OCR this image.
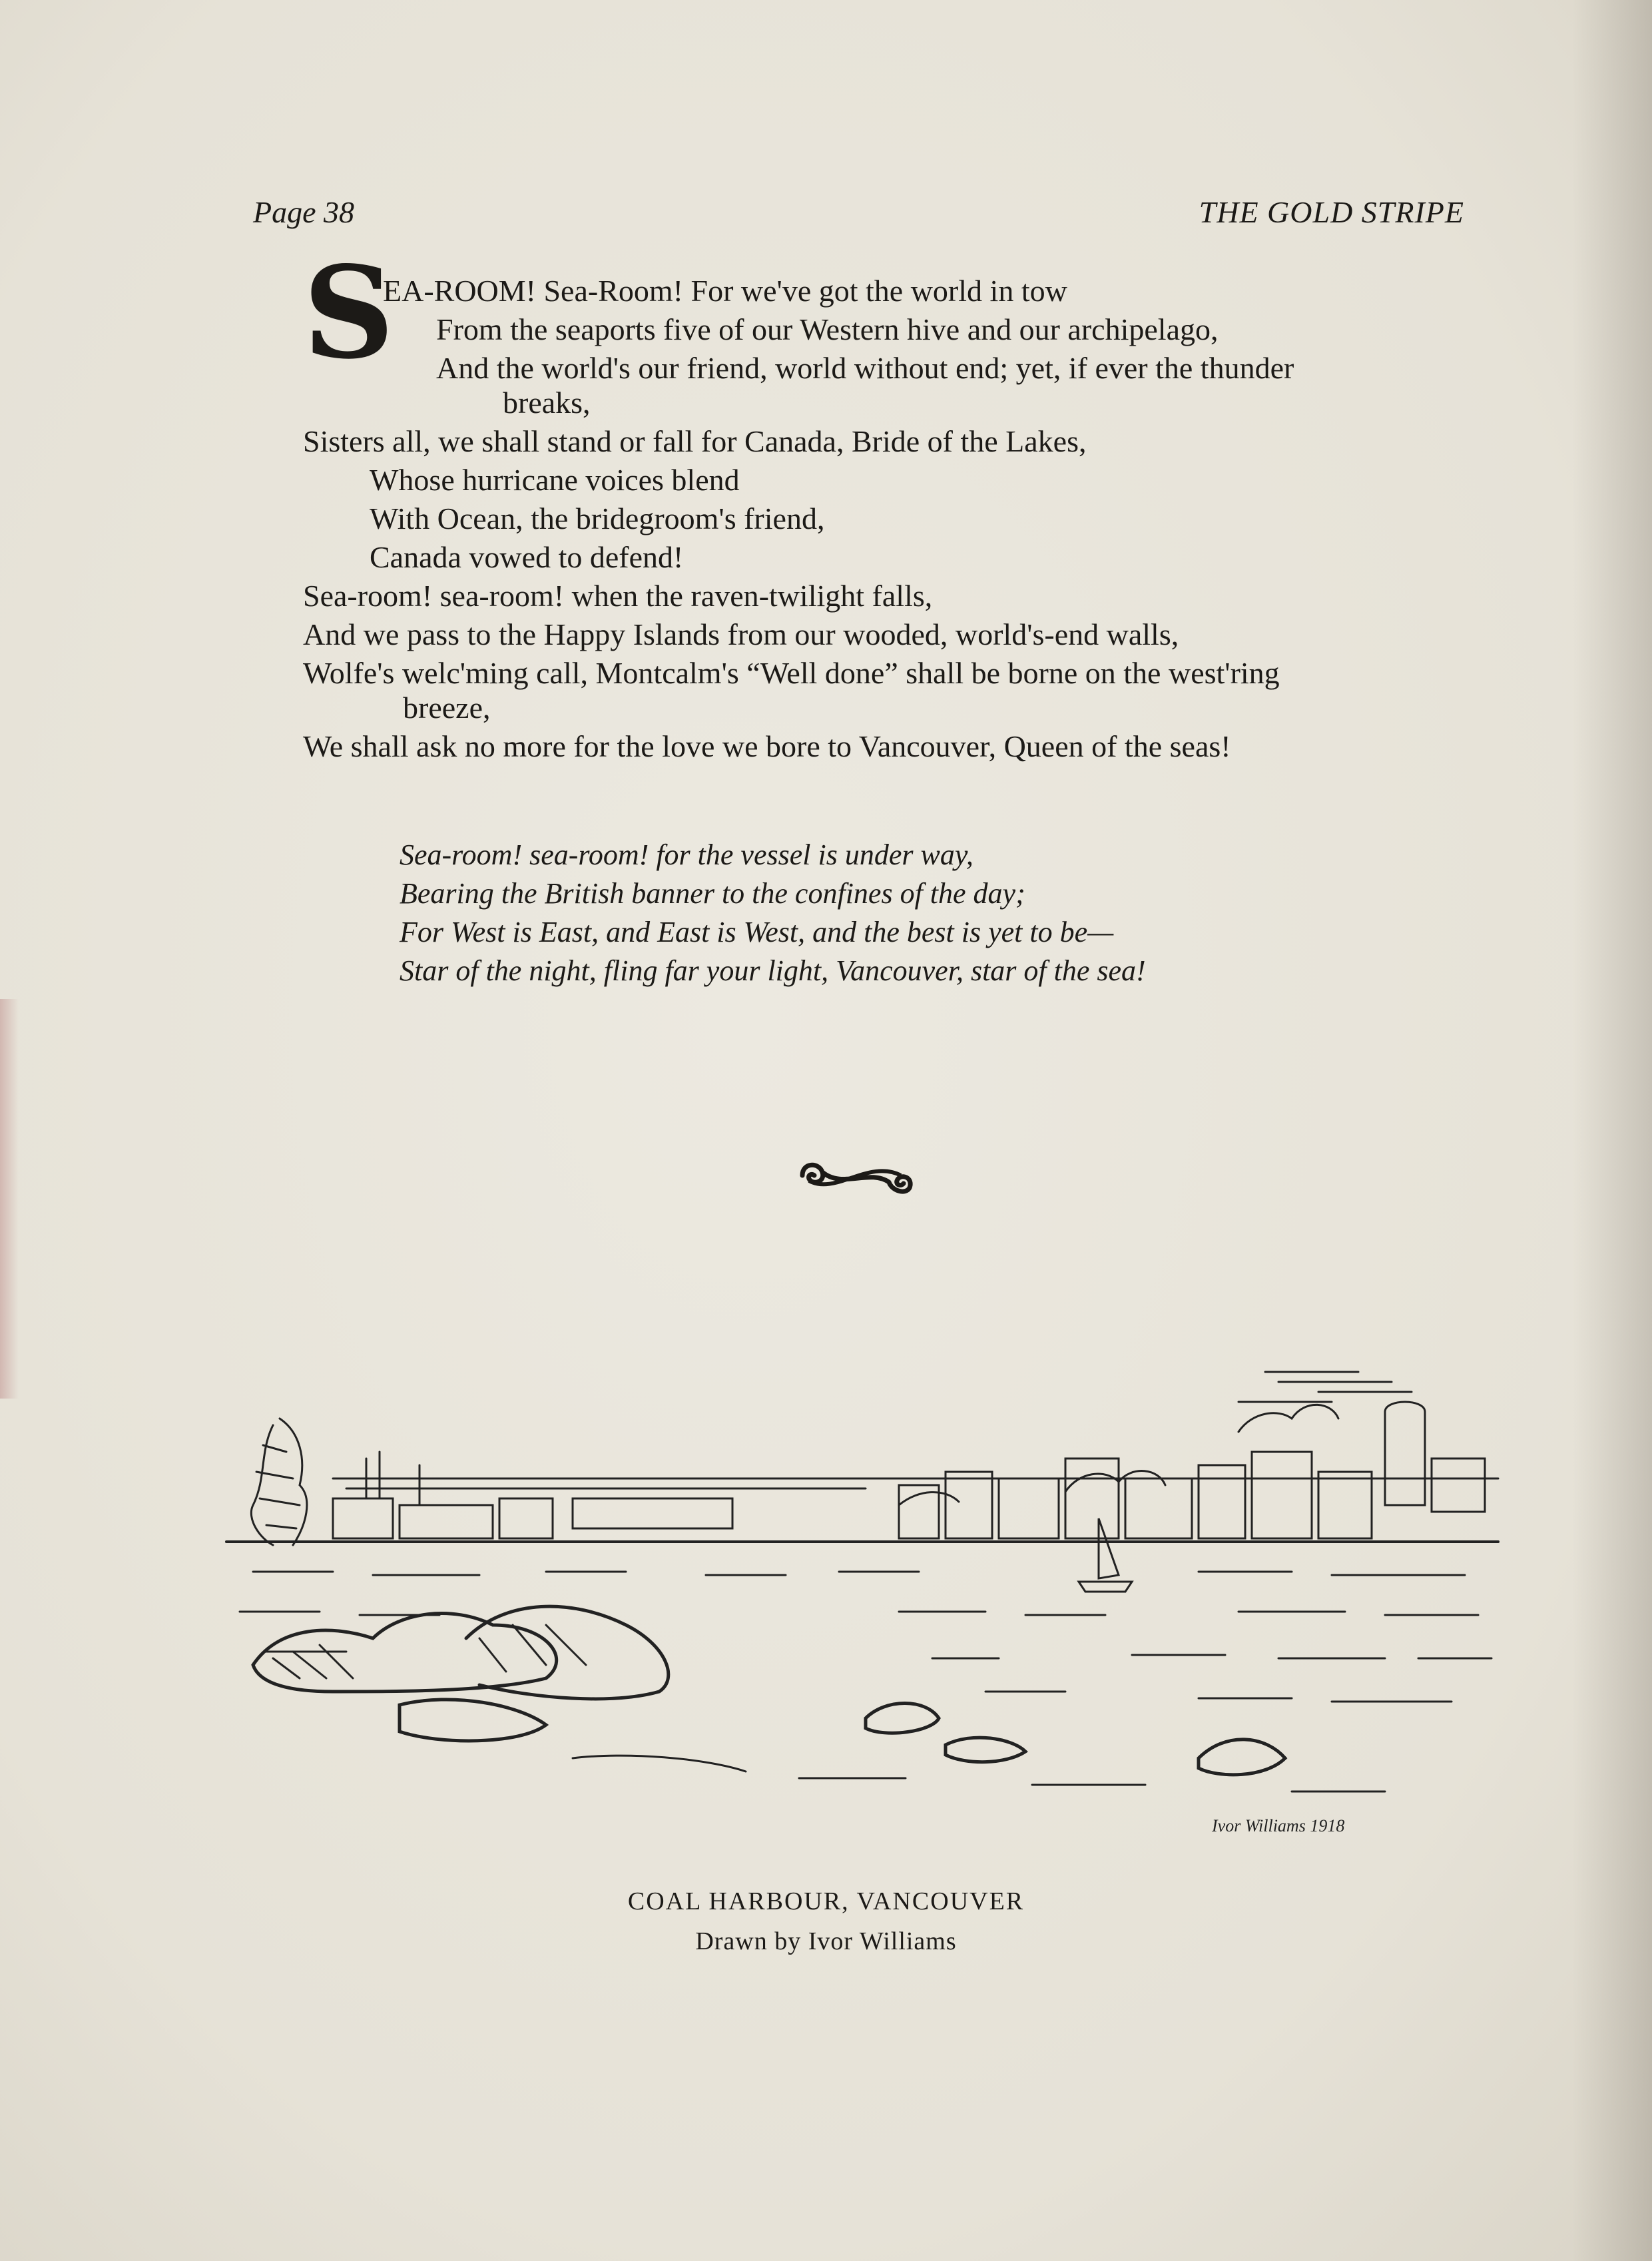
Page 38	THE GOLD STRIPE
S
EA-ROOM! Sea-Room! For we've got the world in tow
From the seaports five of our Western hive and our archipelago,
And the world's our friend, world without end; yet, if ever the thunder
breaks,
Sisters all, we shall stand or fall for Canada, Bride of the Lakes,
Whose hurricane voices blend
With Ocean, the bridegroom's friend,
Canada vowed to defend!
Sea-room! sea-room! when the raven-twilight falls,
And we pass to the Happy Islands from our wooded, world's-end walls,
Wolfe's welc'ming call, Montcalm's “Well done” shall be borne on the west'ring
breeze,
We shall ask no more for the love we bore to Vancouver, Queen of the seas!
Sea-room! sea-room! for the vessel is under way,
Bearing the British banner to the confines of the day;
For West is East, and East is West, and the best is yet to be—
Star of the night, fling far your light, Vancouver, star of the sea!
Ivor Williams 1918
COAL HARBOUR, VANCOUVER
Drawn by Ivor Williams
